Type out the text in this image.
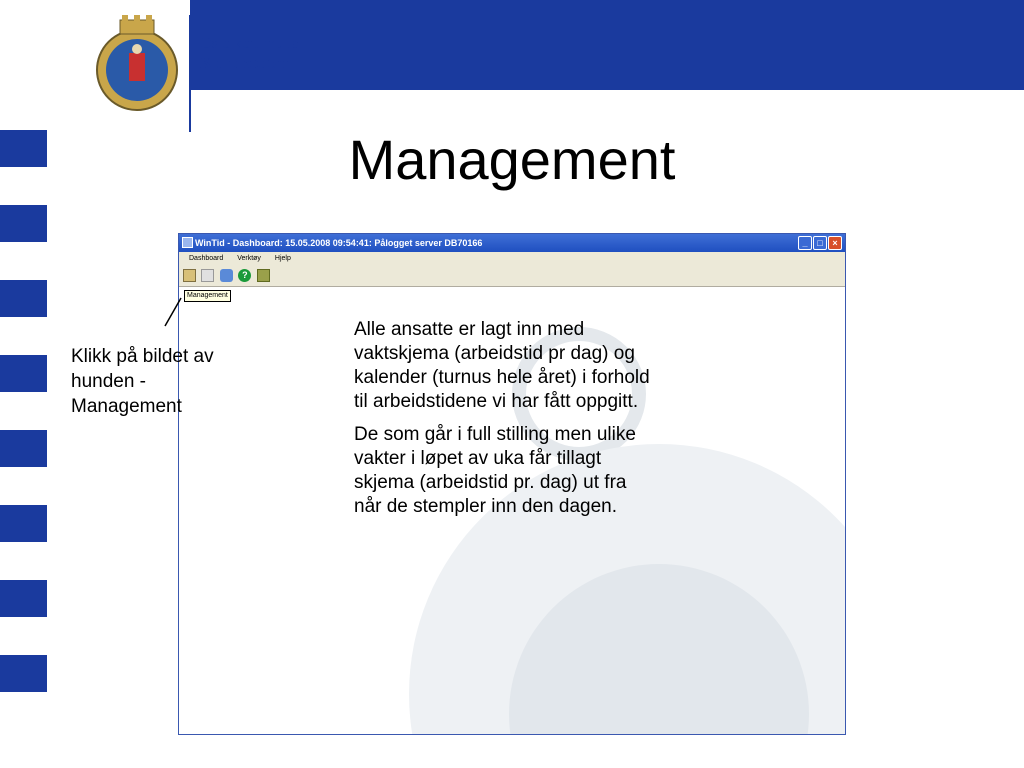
Oslo kommune
Kulturetaten
Management
WinTid - Dashboard: 15.05.2008 09:54:41: Pålogget server DB70166	_	□	×
Dashboard Verktøy Hjelp
?
Management
Klikk på bildet av hunden - Management

Alle ansatte er lagt inn med vaktskjema (arbeidstid pr dag) og kalender (turnus hele året) i forhold til arbeidstidene vi har fått oppgitt.

De som går i full stilling men ulike vakter i løpet av uka får tillagt skjema (arbeidstid pr. dag) ut fra når de stempler inn den dagen.
